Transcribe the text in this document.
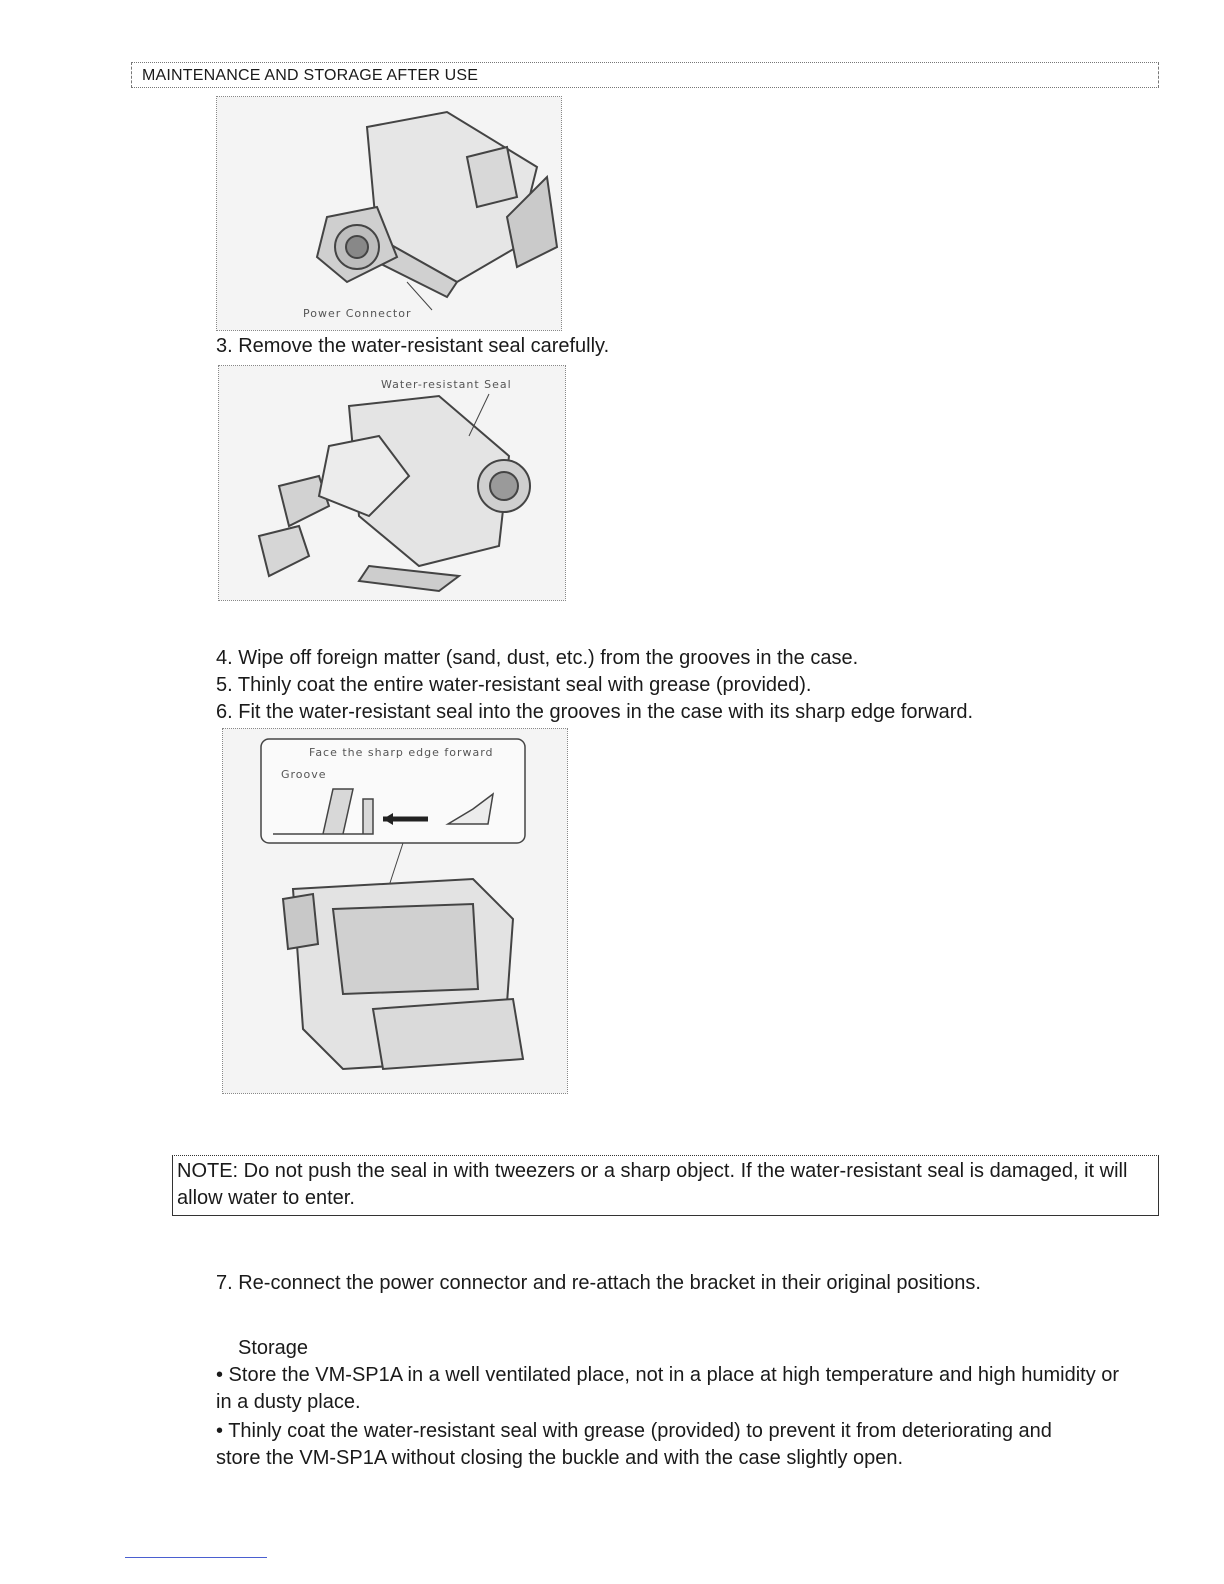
MAINTENANCE AND STORAGE AFTER USE
Power Connector
3. Remove the water-resistant seal carefully.
Water-resistant Seal
4. Wipe off foreign matter (sand, dust, etc.) from the grooves in the case.
5. Thinly coat the entire water-resistant seal with grease (provided).
6. Fit the water-resistant seal into the grooves in the case with its sharp edge forward.
Face the sharp edge forward
Groove
NOTE: Do not push the seal in with tweezers or a sharp object. If the water-resistant seal is damaged, it will allow water to enter.
7. Re-connect the power connector and re-attach the bracket in their original positions.
Storage
• Store the VM-SP1A in a well ventilated place, not in a place at high temperature and high humidity or in a dusty place.
• Thinly coat the water-resistant seal with grease (provided) to prevent it from deteriorating and store the VM-SP1A without closing the buckle and with the case slightly open.
